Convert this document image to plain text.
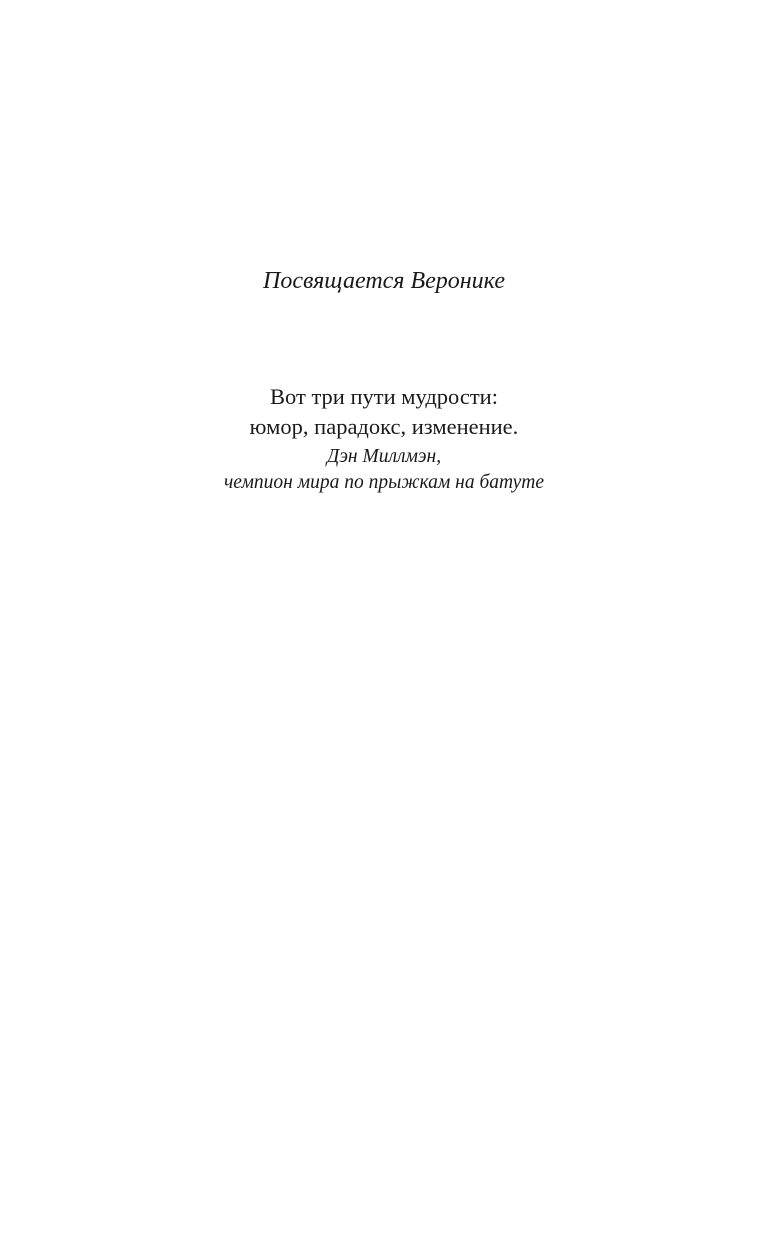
Посвящается Веронике
Вот три пути мудрости:
юмор, парадокс, изменение.
Дэн Миллмэн,
чемпион мира по прыжкам на батуте
